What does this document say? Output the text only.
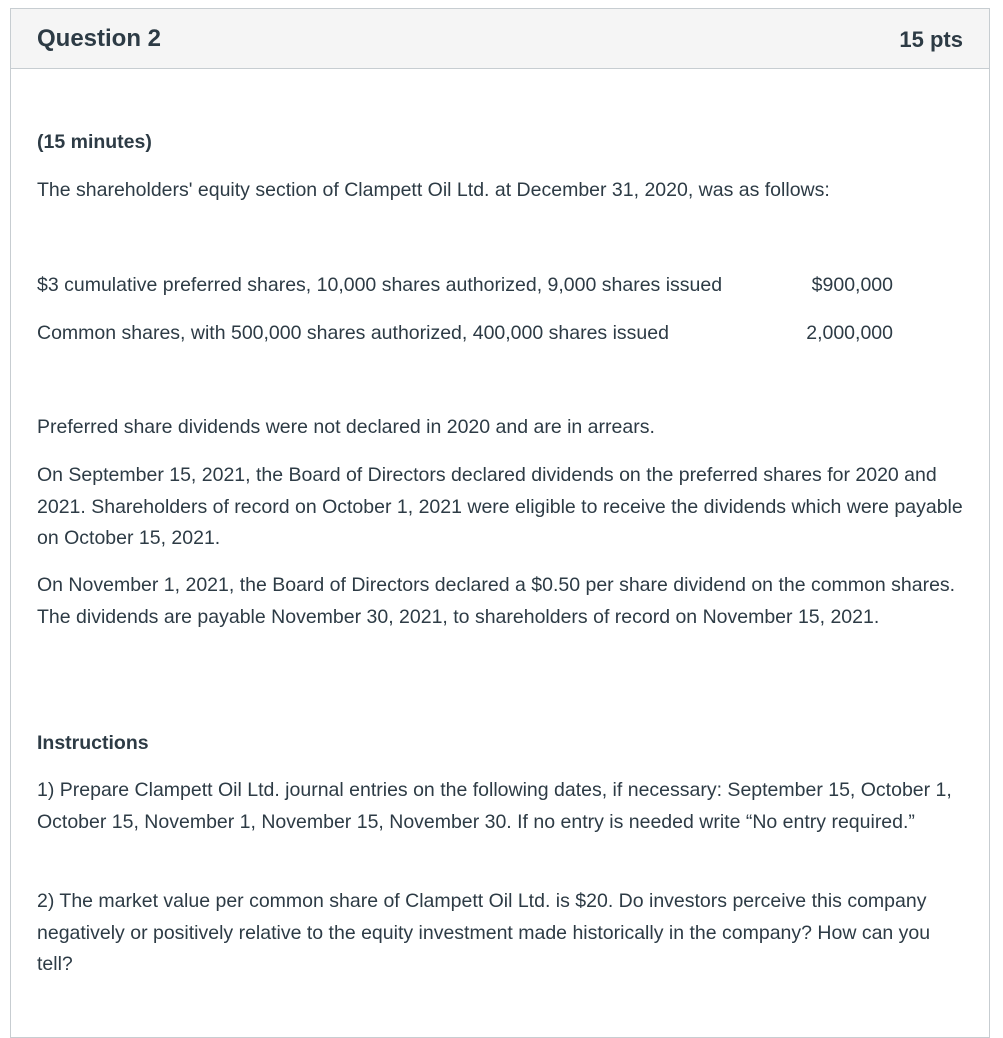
Question 2	15 pts
(15 minutes)
The shareholders' equity section of Clampett Oil Ltd. at December 31, 2020, was as follows:
$3 cumulative preferred shares, 10,000 shares authorized, 9,000 shares issued	$900,000
Common shares, with 500,000 shares authorized, 400,000 shares issued	2,000,000

Preferred share dividends were not declared in 2020 and are in arrears.

On September 15, 2021, the Board of Directors declared dividends on the preferred shares for 2020 and 2021. Shareholders of record on October 1, 2021 were eligible to receive the dividends which were payable on October 15, 2021.

On November 1, 2021, the Board of Directors declared a $0.50 per share dividend on the common shares. The dividends are payable November 30, 2021, to shareholders of record on November 15, 2021.

Instructions

1) Prepare Clampett Oil Ltd. journal entries on the following dates, if necessary: September 15, October 1, October 15, November 1, November 15, November 30. If no entry is needed write “No entry required.”

2) The market value per common share of Clampett Oil Ltd. is $20. Do investors perceive this company negatively or positively relative to the equity investment made historically in the company? How can you tell?
